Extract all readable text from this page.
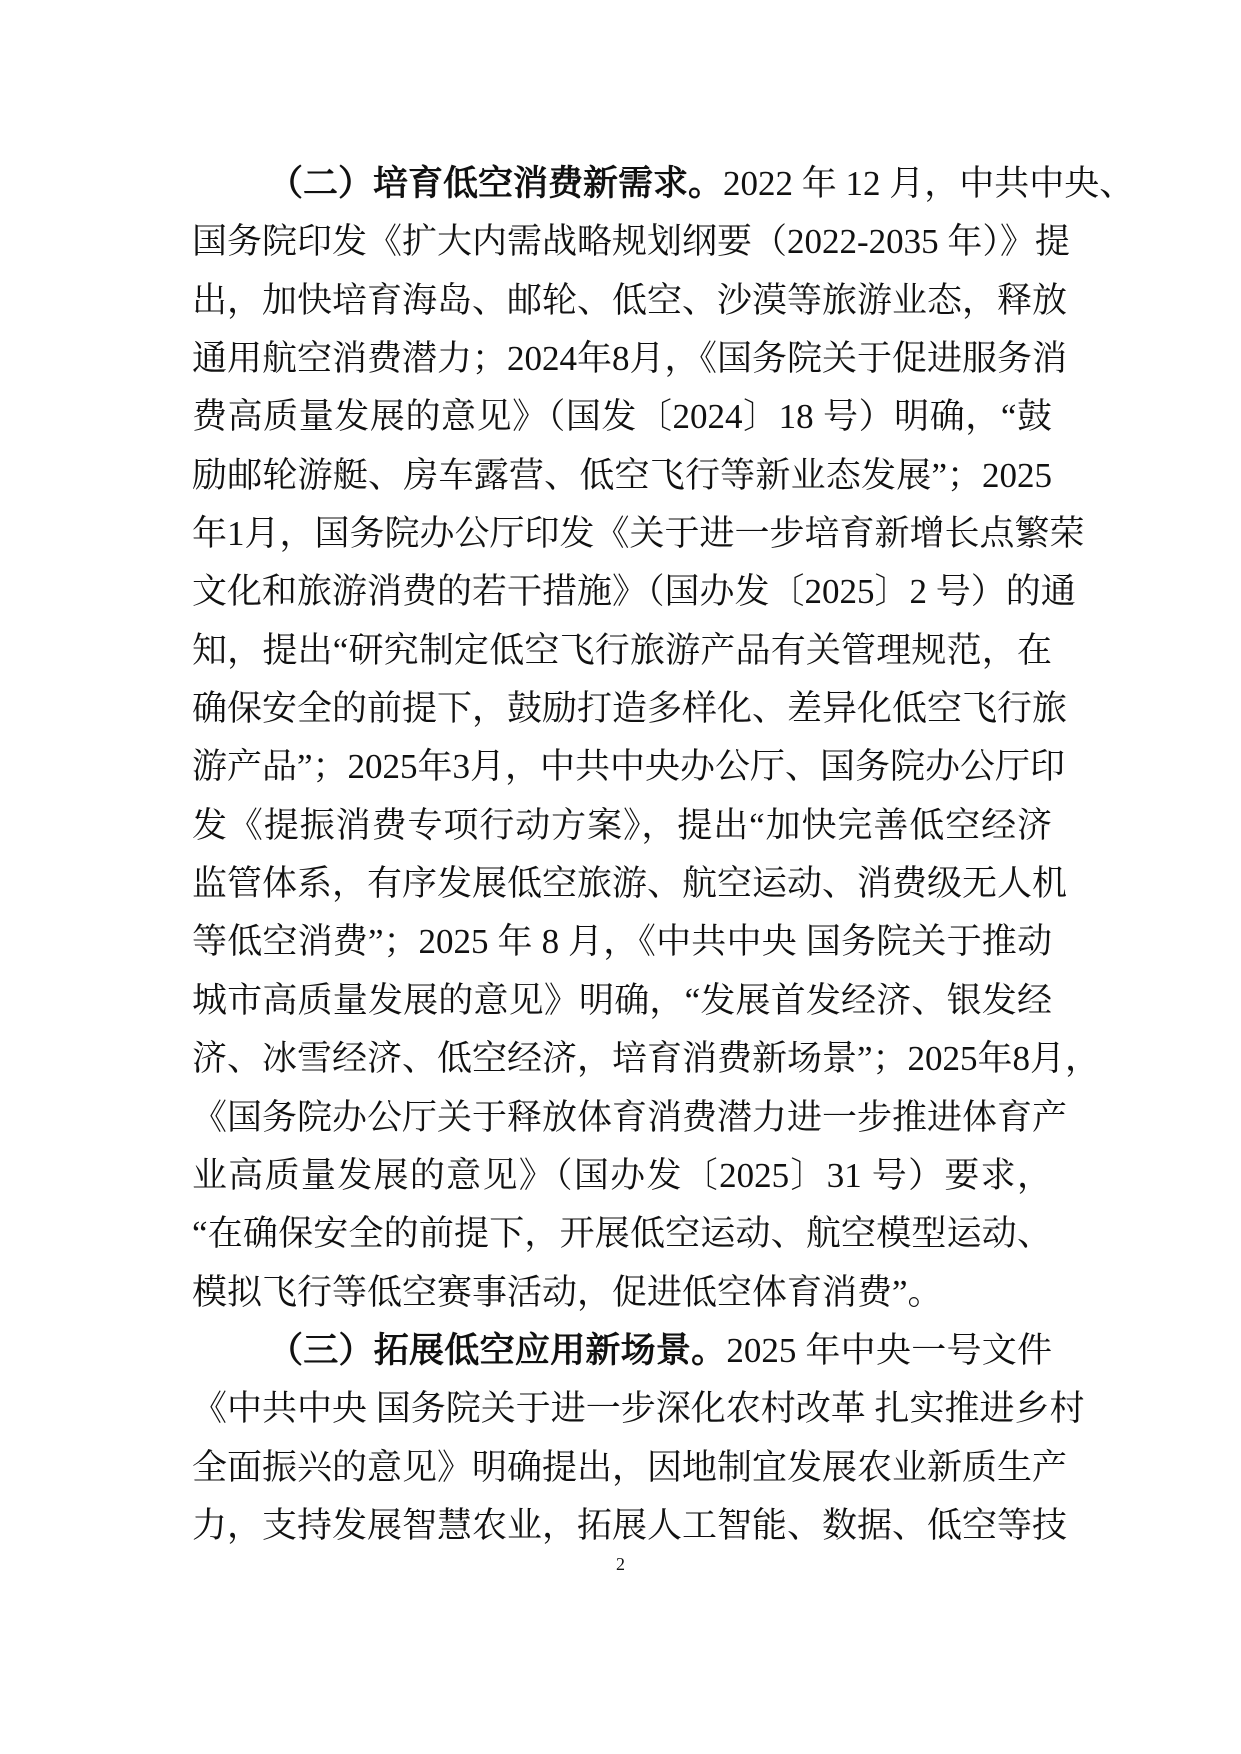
（二）培育低空消费新需求。2022 年 12 月，中共中央、
国务院印发《扩大内需战略规划纲要（2022-2035 年）》提
出，加快培育海岛、邮轮、低空、沙漠等旅游业态，释放
通用航空消费潜力；2024年8月，《国务院关于促进服务消
费高质量发展的意见》（国发〔2024〕18 号）明确，“鼓
励邮轮游艇、房车露营、低空飞行等新业态发展”；2025
年1月，国务院办公厅印发《关于进一步培育新增长点繁荣
文化和旅游消费的若干措施》（国办发〔2025〕2 号）的通
知，提出“研究制定低空飞行旅游产品有关管理规范，在
确保安全的前提下，鼓励打造多样化、差异化低空飞行旅
游产品”；2025年3月，中共中央办公厅、国务院办公厅印
发《提振消费专项行动方案》，提出“加快完善低空经济
监管体系，有序发展低空旅游、航空运动、消费级无人机
等低空消费”；2025 年 8 月，《中共中央 国务院关于推动
城市高质量发展的意见》明确，“发展首发经济、银发经
济、冰雪经济、低空经济，培育消费新场景”；2025年8月，
《国务院办公厅关于释放体育消费潜力进一步推进体育产
业高质量发展的意见》（国办发〔2025〕31 号）要求，
“在确保安全的前提下，开展低空运动、航空模型运动、
模拟飞行等低空赛事活动，促进低空体育消费”。
（三）拓展低空应用新场景。2025 年中央一号文件
《中共中央 国务院关于进一步深化农村改革 扎实推进乡村
全面振兴的意见》明确提出，因地制宜发展农业新质生产
力，支持发展智慧农业，拓展人工智能、数据、低空等技
2
